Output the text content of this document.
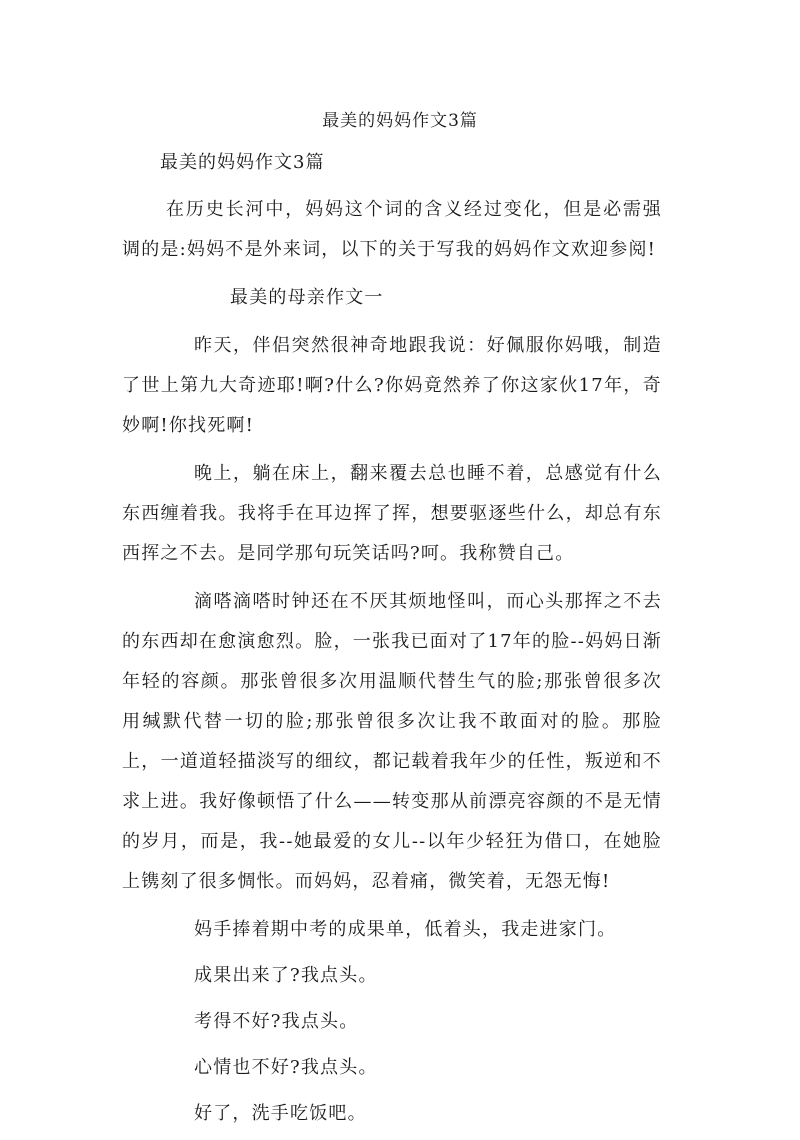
最美的妈妈作文3篇
最美的妈妈作文3篇

在历史长河中，妈妈这个词的含义经过变化，但是必需强调的是:妈妈不是外来词，以下的关于写我的妈妈作文欢迎参阅!

最美的母亲作文一

昨天，伴侣突然很神奇地跟我说：好佩服你妈哦，制造了世上第九大奇迹耶!啊?什么?你妈竟然养了你这家伙17年，奇妙啊!你找死啊!

晚上，躺在床上，翻来覆去总也睡不着，总感觉有什么东西缠着我。我将手在耳边挥了挥，想要驱逐些什么，却总有东西挥之不去。是同学那句玩笑话吗?呵。我称赞自己。

滴嗒滴嗒时钟还在不厌其烦地怪叫，而心头那挥之不去的东西却在愈演愈烈。脸，一张我已面对了17年的脸--妈妈日渐年轻的容颜。那张曾很多次用温顺代替生气的脸;那张曾很多次用缄默代替一切的脸;那张曾很多次让我不敢面对的脸。那脸上，一道道轻描淡写的细纹，都记载着我年少的任性，叛逆和不求上进。我好像顿悟了什么——转变那从前漂亮容颜的不是无情的岁月，而是，我--她最爱的女儿--以年少轻狂为借口，在她脸上镌刻了很多惆怅。而妈妈，忍着痛，微笑着，无怨无悔!

妈手捧着期中考的成果单，低着头，我走进家门。

成果出来了?我点头。

考得不好?我点头。

心情也不好?我点头。

好了，洗手吃饭吧。
